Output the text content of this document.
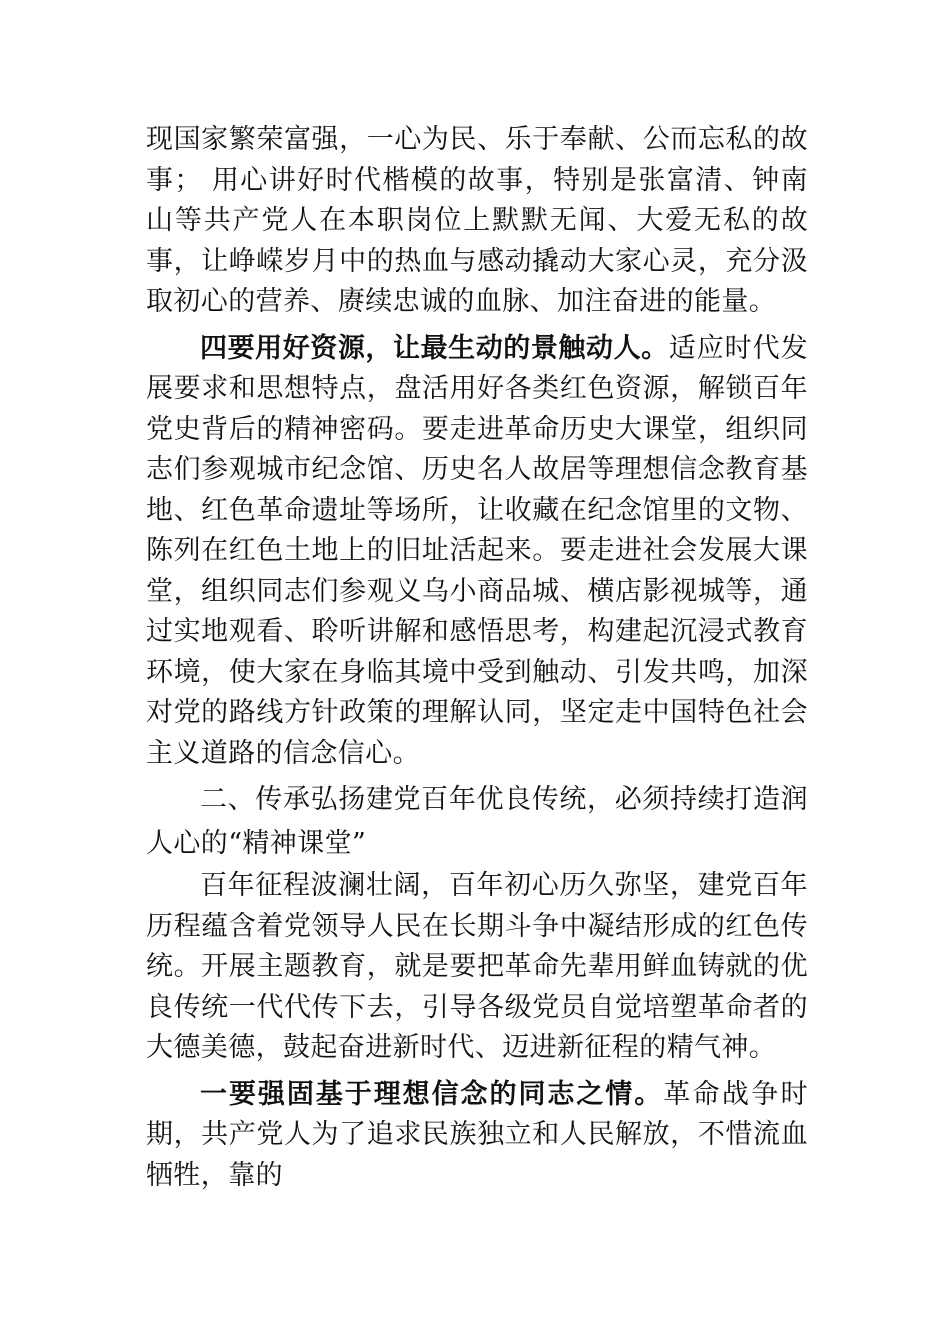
现国家繁荣富强，一心为民、乐于奉献、公而忘私的故事； 用心讲好时代楷模的故事，特别是张富清、钟南山等共产党人在本职岗位上默默无闻、大爱无私的故事，让峥嵘岁月中的热血与感动撬动大家心灵，充分汲取初心的营养、赓续忠诚的血脉、加注奋进的能量。

四要用好资源，让最生动的景触动人。适应时代发展要求和思想特点，盘活用好各类红色资源，解锁百年党史背后的精神密码。要走进革命历史大课堂，组织同志们参观城市纪念馆、历史名人故居等理想信念教育基地、红色革命遗址等场所，让收藏在纪念馆里的文物、陈列在红色土地上的旧址活起来。要走进社会发展大课堂，组织同志们参观义乌小商品城、横店影视城等，通过实地观看、聆听讲解和感悟思考，构建起沉浸式教育环境，使大家在身临其境中受到触动、引发共鸣，加深对党的路线方针政策的理解认同，坚定走中国特色社会主义道路的信念信心。

二、传承弘扬建党百年优良传统，必须持续打造润人心的“精神课堂”

百年征程波澜壮阔，百年初心历久弥坚，建党百年历程蕴含着党领导人民在长期斗争中凝结形成的红色传统。开展主题教育，就是要把革命先辈用鲜血铸就的优良传统一代代传下去，引导各级党员自觉培塑革命者的大德美德，鼓起奋进新时代、迈进新征程的精气神。

一要强固基于理想信念的同志之情。革命战争时期，共产党人为了追求民族独立和人民解放，不惜流血牺牲，靠的
